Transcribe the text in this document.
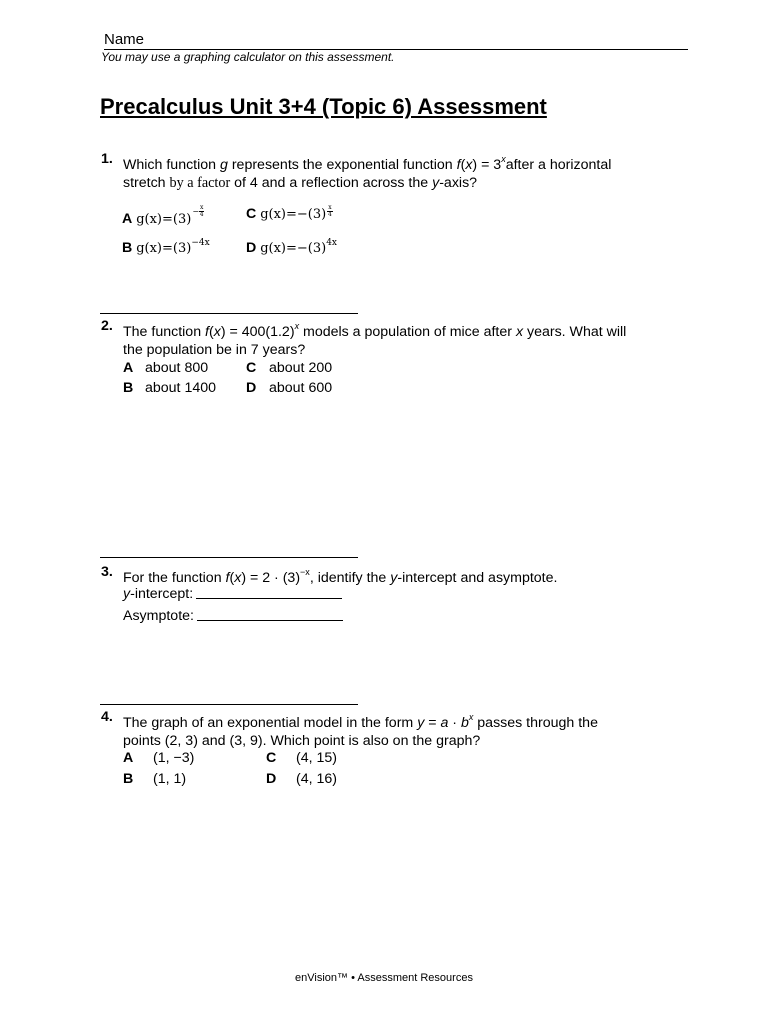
Name
You may use a graphing calculator on this assessment.
Precalculus Unit 3+4 (Topic 6) Assessment
1. Which function g represents the exponential function $f(x) = 3^xafter$ a horizontal
stretch by a factor of 4 and a reflection across the y-axis?
A g(x)=(3)
− $\frac{x}{4}$
B $g(x)=(3)^{-4x}$
C $g(x)=-(3) \frac{x}{4}$
D $g(x)=-(3)^{4x}$
2. The function $f(x) = 400(1.2)^x$ models a population of mice after x years. What will
the population be in 7 years?
A about 800
B about 1400
C about 200
D about 600
3. For the function $f(x) = 2 \cdot (3)^{-x}$, identify the y-intercept and asymptote.
y-intercept:
Asymptote:
4. The graph of an exponential model in the form $y = a \cdot b^x$ passes through the
points (2, 3) and (3, 9). Which point is also on the graph?
A (1, −3)
B (1, 1)
C (4, 15)
D (4, 16)
enVision™ • Assessment Resources
